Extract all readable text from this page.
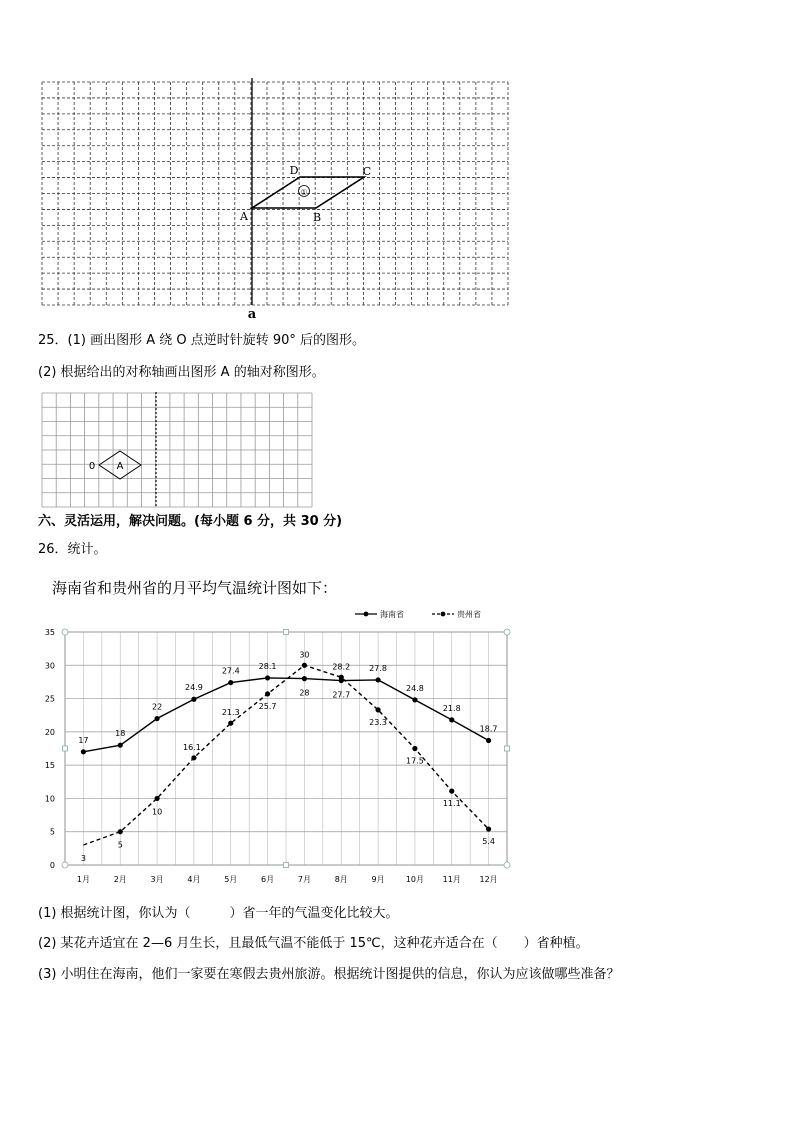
①
A	B
C
D
a
25．(1) 画出图形 A 绕 O 点逆时针旋转 90° 后的图形。
(2) 根据给出的对称轴画出图形 A 的轴对称图形。
0 A
六、灵活运用，解决问题。(每小题 6 分，共 30 分)
26．统计。
海南省和贵州省的月平均气温统计图如下：
0
5
10
15
20
25
30
35
1月	2月	3月	4月	5月	6月	7月	8月	9月	10月 11月 12月
17
18
22
24.9
27.4
28.1
28	27.7
27.8
24.8
21.8
18.7
3
5
10
16.1
21.3
25.7
30
28.2
23.3
17.5
11.1
5.4
海南省	贵州省
(1) 根据统计图，你认为（　　　）省一年的气温变化比较大。
(2) 某花卉适宜在 2—6 月生长，且最低气温不能低于 15℃，这种花卉适合在（　　）省种植。
(3) 小明住在海南，他们一家要在寒假去贵州旅游。根据统计图提供的信息，你认为应该做哪些准备？
